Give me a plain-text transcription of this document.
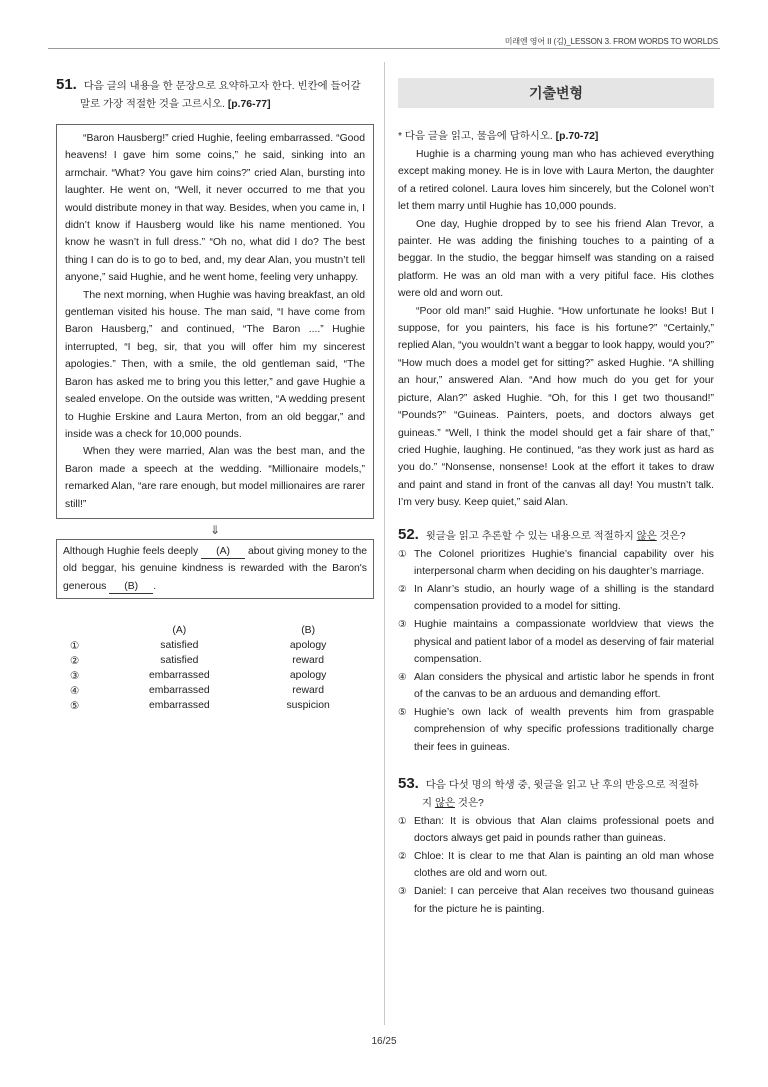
미래엔 영어 II (김)_LESSON 3. FROM WORDS TO WORLDS
51. 다음 글의 내용을 한 문장으로 요약하고자 한다. 빈칸에 들어갈
말로 가장 적절한 것을 고르시오. [p.76-77]

“Baron Hausberg!” cried Hughie, feeling embarrassed. “Good heavens! I gave him some coins,” he said, sinking into an armchair. “What? You gave him coins?” cried Alan, bursting into laughter. He went on, “Well, it never occurred to me that you would distribute money in that way. Besides, when you came in, I didn’t know if Hausberg would like his name mentioned. You know he wasn’t in full dress.” “Oh no, what did I do? The best thing I can do is to go to bed, and, my dear Alan, you mustn’t tell anyone,” said Hughie, and he went home, feeling very unhappy.

The next morning, when Hughie was having breakfast, an old gentleman visited his house. The man said, “I have come from Baron Hausberg,” and continued, “The Baron ....” Hughie interrupted, “I beg, sir, that you will offer him my sincerest apologies.” Then, with a smile, the old gentleman said, “The Baron has asked me to bring you this letter,” and gave Hughie a sealed envelope. On the outside was written, “A wedding present to Hughie Erskine and Laura Merton, from an old beggar,” and inside was a check for 10,000 pounds.

When they were married, Alan was the best man, and the Baron made a speech at the wedding. “Millionaire models,” remarked Alan, “are rare enough, but model millionaires are rarer still!”

⇓
Although Hughie feels deeply (A) about giving money to the old beggar, his genuine kindness is rewarded with the Baron's generous (B) .
	(A)	(B)
①	satisfied	apology
②	satisfied	reward
③	embarrassed	apology
④	embarrassed	reward
⑤	embarrassed	suspicion
기출변형
* 다음 글을 읽고, 물음에 답하시오. [p.70-72]

Hughie is a charming young man who has achieved everything except making money. He is in love with Laura Merton, the daughter of a retired colonel. Laura loves him sincerely, but the Colonel won’t let them marry until Hughie has 10,000 pounds.

One day, Hughie dropped by to see his friend Alan Trevor, a painter. He was adding the finishing touches to a painting of a beggar. In the studio, the beggar himself was standing on a raised platform. He was an old man with a very pitiful face. His clothes were old and worn out.

“Poor old man!” said Hughie. “How unfortunate he looks! But I suppose, for you painters, his face is his fortune?” “Certainly,” replied Alan, “you wouldn’t want a beggar to look happy, would you?” “How much does a model get for sitting?” asked Hughie. “A shilling an hour,” answered Alan. “And how much do you get for your picture, Alan?” asked Hughie. “Oh, for this I get two thousand!” “Pounds?” “Guineas. Painters, poets, and doctors always get guineas.” “Well, I think the model should get a fair share of that,” cried Hughie, laughing. He continued, “as they work just as hard as you do.” “Nonsense, nonsense! Look at the effort it takes to draw and paint and stand in front of the canvas all day! You mustn’t talk. I’m very busy. Keep quiet,” said Alan.

52. 윗글을 읽고 추론할 수 있는 내용으로 적절하지 않은 것은?

① The Colonel prioritizes Hughie’s financial capability over his interpersonal charm when deciding on his daughter’s marriage.

② In Alanr’s studio, an hourly wage of a shilling is the standard compensation provided to a model for sitting.

③ Hughie maintains a compassionate worldview that views the physical and patient labor of a model as deserving of fair material compensation.

④ Alan considers the physical and artistic labor he spends in front of the canvas to be an arduous and demanding effort.

⑤ Hughie’s own lack of wealth prevents him from graspable comprehension of why specific professions traditionally charge their fees in guineas.

53. 다음 다섯 명의 학생 중, 윗글을 읽고 난 후의 반응으로 적절하
지 않은 것은?

① Ethan: It is obvious that Alan claims professional poets and doctors always get paid in pounds rather than guineas.

② Chloe: It is clear to me that Alan is painting an old man whose clothes are old and worn out.

③ Daniel: I can perceive that Alan receives two thousand guineas for the picture he is painting.

16/25
